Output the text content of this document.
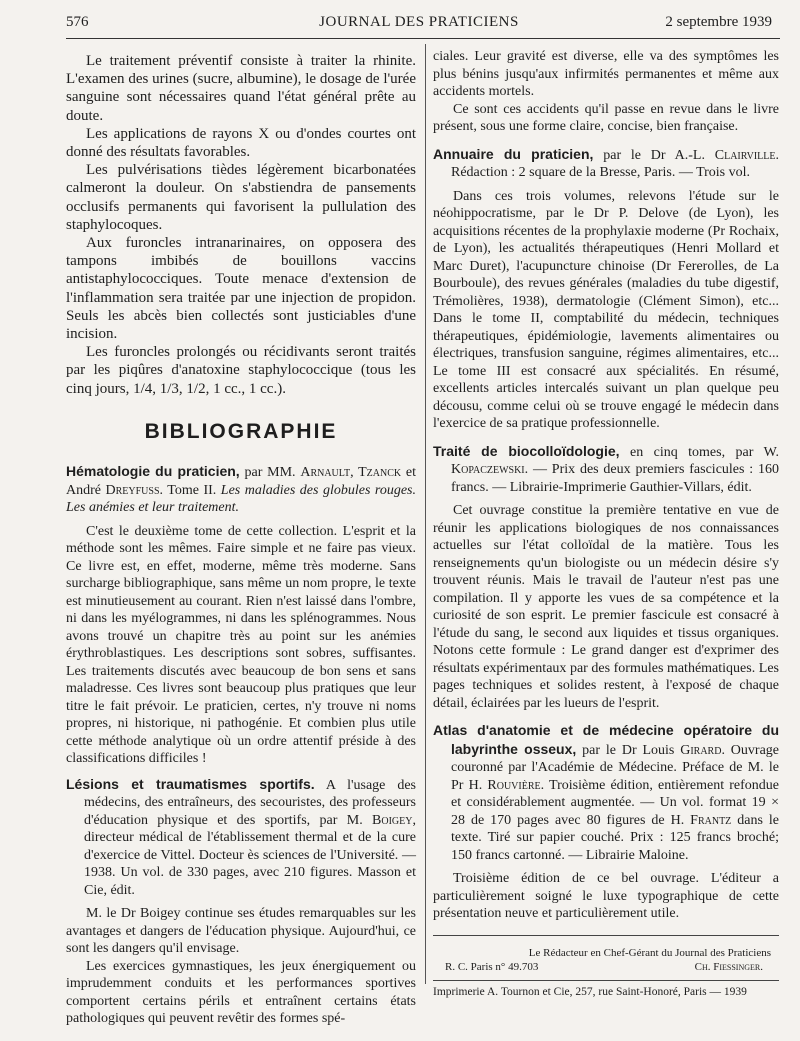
576	JOURNAL DES PRATICIENS	2 septembre 1939

Le traitement préventif consiste à traiter la rhinite. L'examen des urines (sucre, albumine), le dosage de l'urée sanguine sont nécessaires quand l'état général prête au doute.

Les applications de rayons X ou d'ondes courtes ont donné des résultats favorables.

Les pulvérisations tièdes légèrement bicarbonatées calmeront la douleur. On s'abstiendra de pansements occlusifs permanents qui favorisent la pullulation des staphylocoques.

Aux furoncles intranarinaires, on opposera des tampons imbibés de bouillons vaccins antistaphylococciques. Toute menace d'extension de l'inflammation sera traitée par une injection de propidon. Seuls les abcès bien collectés sont justiciables d'une incision.

Les furoncles prolongés ou récidivants seront traités par les piqûres d'anatoxine staphylococcique (tous les cinq jours, 1/4, 1/3, 1/2, 1 cc., 1 cc.).

BIBLIOGRAPHIE

Hématologie du praticien, par MM. Arnault, Tzanck et André Dreyfuss. Tome II. Les maladies des globules rouges. Les anémies et leur traitement.

C'est le deuxième tome de cette collection. L'esprit et la méthode sont les mêmes. Faire simple et ne faire pas vieux. Ce livre est, en effet, moderne, même très moderne. Sans surcharge bibliographique, sans même un nom propre, le texte est minutieusement au courant. Rien n'est laissé dans l'ombre, ni dans les myélogrammes, ni dans les splénogrammes. Nous avons trouvé un chapitre très au point sur les anémies érythroblastiques. Les descriptions sont sobres, suffisantes. Les traitements discutés avec beaucoup de bon sens et sans maladresse. Ces livres sont beaucoup plus pratiques que leur titre le fait prévoir. Le praticien, certes, n'y trouve ni noms propres, ni historique, ni pathogénie. Et combien plus utile cette méthode analytique où un ordre attentif préside à des classifications difficiles !

Lésions et traumatismes sportifs. A l'usage des médecins, des entraîneurs, des secouristes, des professeurs d'éducation physique et des sportifs, par M. Boigey, directeur médical de l'établissement thermal et de la cure d'exercice de Vittel. Docteur ès sciences de l'Université. — 1938. Un vol. de 330 pages, avec 210 figures. Masson et Cie, édit.

M. le Dr Boigey continue ses études remarquables sur les avantages et dangers de l'éducation physique. Aujourd'hui, ce sont les dangers qu'il envisage.

Les exercices gymnastiques, les jeux énergiquement ou imprudemment conduits et les performances sportives comportent certains périls et entraînent certains états pathologiques qui peuvent revêtir des formes spé-

ciales. Leur gravité est diverse, elle va des symptômes les plus bénins jusqu'aux infirmités permanentes et même aux accidents mortels.

Ce sont ces accidents qu'il passe en revue dans le livre présent, sous une forme claire, concise, bien française.

Annuaire du praticien, par le Dr A.-L. Clairville. Rédaction : 2 square de la Bresse, Paris. — Trois vol.

Dans ces trois volumes, relevons l'étude sur le néohippocratisme, par le Dr P. Delove (de Lyon), les acquisitions récentes de la prophylaxie moderne (Pr Rochaix, de Lyon), les actualités thérapeutiques (Henri Mollard et Marc Duret), l'acupuncture chinoise (Dr Fererolles, de La Bourboule), des revues générales (maladies du tube digestif, Trémolières, 1938), dermatologie (Clément Simon), etc... Dans le tome II, comptabilité du médecin, techniques thérapeutiques, épidémiologie, lavements alimentaires ou électriques, transfusion sanguine, régimes alimentaires, etc... Le tome III est consacré aux spécialités. En résumé, excellents articles intercalés suivant un plan quelque peu décousu, comme celui où se trouve engagé le médecin dans l'exercice de sa pratique professionnelle.

Traité de biocolloïdologie, en cinq tomes, par W. Kopaczewski. — Prix des deux premiers fascicules : 160 francs. — Librairie-Imprimerie Gauthier-Villars, édit.

Cet ouvrage constitue la première tentative en vue de réunir les applications biologiques de nos connaissances actuelles sur l'état colloïdal de la matière. Tous les renseignements qu'un biologiste ou un médecin désire s'y trouvent réunis. Mais le travail de l'auteur n'est pas une compilation. Il y apporte les vues de sa compétence et la curiosité de son esprit. Le premier fascicule est consacré à l'étude du sang, le second aux liquides et tissus organiques. Notons cette formule : Le grand danger est d'exprimer des résultats expérimentaux par des formules mathématiques. Les pages techniques et solides restent, à l'exposé de chaque détail, éclairées par les lueurs de l'esprit.

Atlas d'anatomie et de médecine opératoire du labyrinthe osseux, par le Dr Louis Girard. Ouvrage couronné par l'Académie de Médecine. Préface de M. le Pr H. Rouvière. Troisième édition, entièrement refondue et considérablement augmentée. — Un vol. format 19 × 28 de 170 pages avec 80 figures de H. Frantz dans le texte. Tiré sur papier couché. Prix : 125 francs broché; 150 francs cartonné. — Librairie Maloine.

Troisième édition de ce bel ouvrage. L'éditeur a particulièrement soigné le luxe typographique de cette présentation neuve et particulièrement utile.

Le Rédacteur en Chef-Gérant du Journal des Praticiens
R. C. Paris n° 49.703	Ch. Fiessinger.
Imprimerie A. Tournon et Cie, 257, rue Saint-Honoré, Paris — 1939
